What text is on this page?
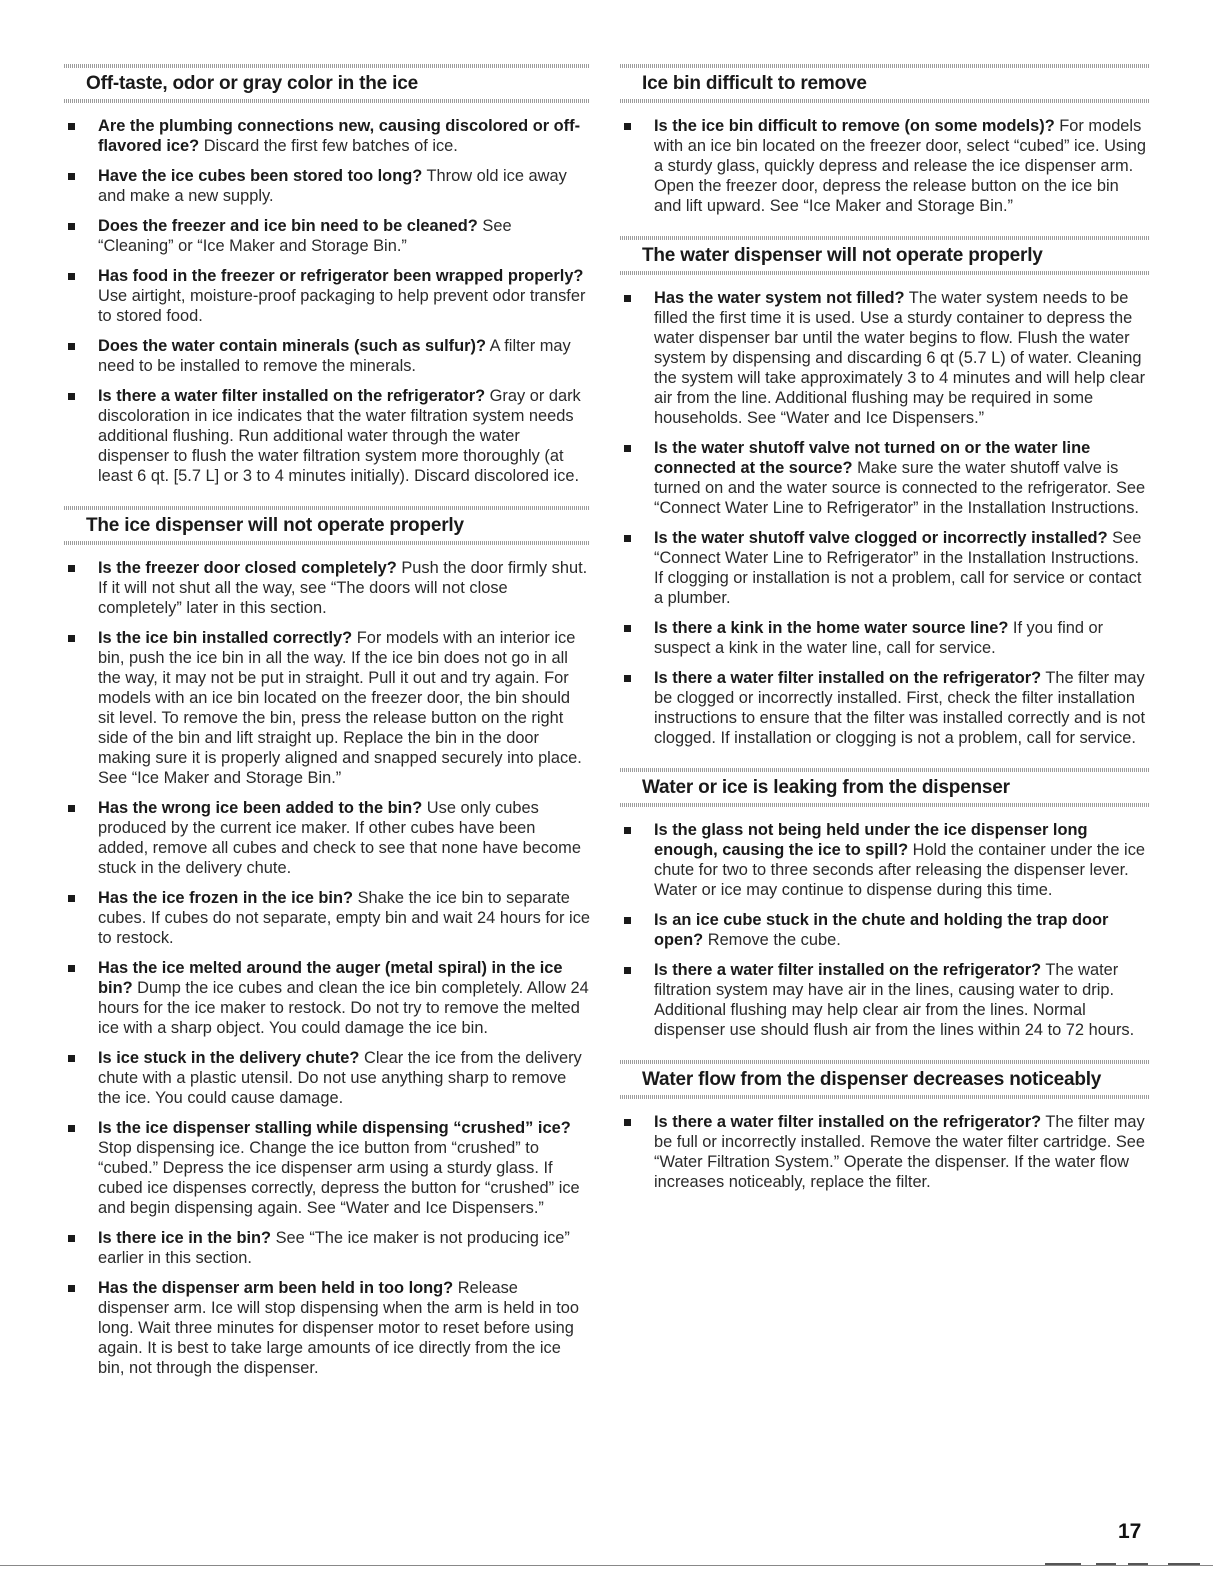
Off-taste, odor or gray color in the ice
Are the plumbing connections new, causing discolored or off-flavored ice? Discard the first few batches of ice.
Have the ice cubes been stored too long? Throw old ice away and make a new supply.
Does the freezer and ice bin need to be cleaned? See “Cleaning” or “Ice Maker and Storage Bin.”
Has food in the freezer or refrigerator been wrapped properly? Use airtight, moisture-proof packaging to help prevent odor transfer to stored food.
Does the water contain minerals (such as sulfur)? A filter may need to be installed to remove the minerals.
Is there a water filter installed on the refrigerator? Gray or dark discoloration in ice indicates that the water filtration system needs additional flushing. Run additional water through the water dispenser to flush the water filtration system more thoroughly (at least 6 qt. [5.7 L] or 3 to 4 minutes initially). Discard discolored ice.
The ice dispenser will not operate properly
Is the freezer door closed completely? Push the door firmly shut. If it will not shut all the way, see “The doors will not close completely” later in this section.
Is the ice bin installed correctly? For models with an interior ice bin, push the ice bin in all the way. If the ice bin does not go in all the way, it may not be put in straight. Pull it out and try again. For models with an ice bin located on the freezer door, the bin should sit level. To remove the bin, press the release button on the right side of the bin and lift straight up. Replace the bin in the door making sure it is properly aligned and snapped securely into place. See “Ice Maker and Storage Bin.”
Has the wrong ice been added to the bin? Use only cubes produced by the current ice maker. If other cubes have been added, remove all cubes and check to see that none have become stuck in the delivery chute.
Has the ice frozen in the ice bin? Shake the ice bin to separate cubes. If cubes do not separate, empty bin and wait 24 hours for ice to restock.
Has the ice melted around the auger (metal spiral) in the ice bin? Dump the ice cubes and clean the ice bin completely. Allow 24 hours for the ice maker to restock. Do not try to remove the melted ice with a sharp object. You could damage the ice bin.
Is ice stuck in the delivery chute? Clear the ice from the delivery chute with a plastic utensil. Do not use anything sharp to remove the ice. You could cause damage.
Is the ice dispenser stalling while dispensing “crushed” ice? Stop dispensing ice. Change the ice button from “crushed” to “cubed.” Depress the ice dispenser arm using a sturdy glass. If cubed ice dispenses correctly, depress the button for “crushed” ice and begin dispensing again. See “Water and Ice Dispensers.”
Is there ice in the bin? See “The ice maker is not producing ice” earlier in this section.
Has the dispenser arm been held in too long? Release dispenser arm. Ice will stop dispensing when the arm is held in too long. Wait three minutes for dispenser motor to reset before using again. It is best to take large amounts of ice directly from the ice bin, not through the dispenser.
Ice bin difficult to remove
Is the ice bin difficult to remove (on some models)? For models with an ice bin located on the freezer door, select “cubed” ice. Using a sturdy glass, quickly depress and release the ice dispenser arm. Open the freezer door, depress the release button on the ice bin and lift upward. See “Ice Maker and Storage Bin.”
The water dispenser will not operate properly
Has the water system not filled? The water system needs to be filled the first time it is used. Use a sturdy container to depress the water dispenser bar until the water begins to flow. Flush the water system by dispensing and discarding 6 qt (5.7 L) of water. Cleaning the system will take approximately 3 to 4 minutes and will help clear air from the line. Additional flushing may be required in some households. See “Water and Ice Dispensers.”
Is the water shutoff valve not turned on or the water line connected at the source? Make sure the water shutoff valve is turned on and the water source is connected to the refrigerator. See “Connect Water Line to Refrigerator” in the Installation Instructions.
Is the water shutoff valve clogged or incorrectly installed? See “Connect Water Line to Refrigerator” in the Installation Instructions. If clogging or installation is not a problem, call for service or contact a plumber.
Is there a kink in the home water source line? If you find or suspect a kink in the water line, call for service.
Is there a water filter installed on the refrigerator? The filter may be clogged or incorrectly installed. First, check the filter installation instructions to ensure that the filter was installed correctly and is not clogged. If installation or clogging is not a problem, call for service.
Water or ice is leaking from the dispenser
Is the glass not being held under the ice dispenser long enough, causing the ice to spill? Hold the container under the ice chute for two to three seconds after releasing the dispenser lever. Water or ice may continue to dispense during this time.
Is an ice cube stuck in the chute and holding the trap door open? Remove the cube.
Is there a water filter installed on the refrigerator? The water filtration system may have air in the lines, causing water to drip. Additional flushing may help clear air from the lines. Normal dispenser use should flush air from the lines within 24 to 72 hours.
Water flow from the dispenser decreases noticeably
Is there a water filter installed on the refrigerator? The filter may be full or incorrectly installed. Remove the water filter cartridge. See “Water Filtration System.” Operate the dispenser. If the water flow increases noticeably, replace the filter.
17
